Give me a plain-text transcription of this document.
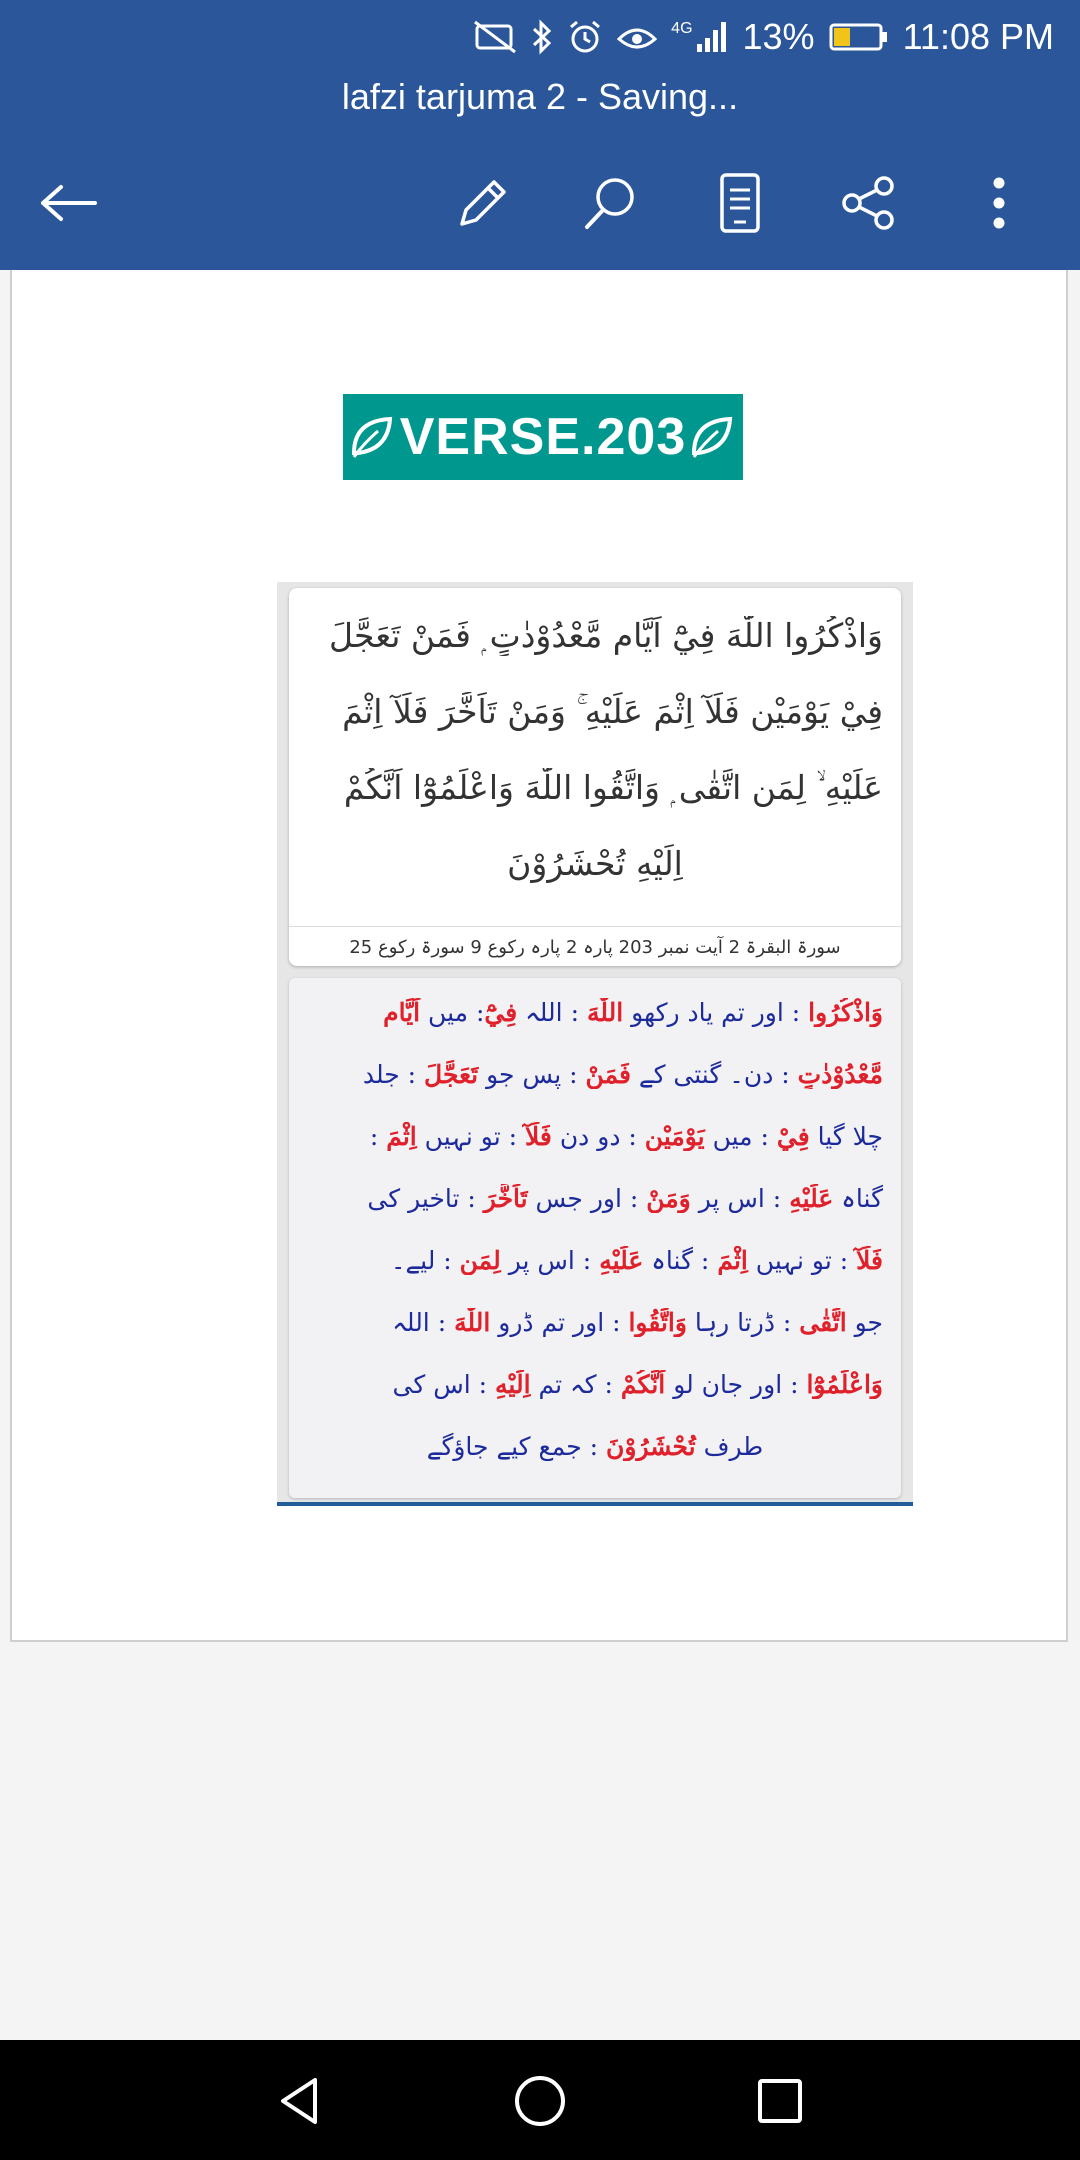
4G 13% 11:08 PM
lafzi tarjuma 2 - Saving...
VERSE.203
وَاذْكُرُوا اللّٰهَ فِيْٓ اَيَّامٍ مَّعْدُوْدٰتٍ ۭ فَمَنْ تَعَجَّلَ
فِيْ يَوْمَيْنِ فَلَآ اِثْمَ عَلَيْهِ ۚ وَمَنْ تَاَخَّرَ فَلَآ اِثْمَ
عَلَيْهِ ۙ لِمَنِ اتَّقٰى ۭ وَاتَّقُوا اللّٰهَ وَاعْلَمُوْٓا اَنَّكُمْ
اِلَيْهِ تُحْشَرُوْنَ
سورۃ البقرۃ 2 آیت نمبر 203 پارہ 2 پارہ رکوع 9 سورۃ رکوع 25
وَاذْكُرُوا : اور تم یاد رکھو اللّٰهَ : اللہ فِيْٓ: میں اَيَّامٍ
مَّعْدُوْدٰتٍ : دن۔ گنتی کے فَمَنْ : پس جو تَعَجَّلَ : جلد
چلا گیا فِيْ : میں يَوْمَيْنِ : دو دن فَلَآ : تو نہیں اِثْمَ :
گناہ عَلَيْهِ : اس پر وَمَنْ : اور جس تَاَخَّرَ : تاخیر کی
فَلَآ : تو نہیں اِثْمَ : گناہ عَلَيْهِ : اس پر لِمَنِ : لیے۔
جو اتَّقٰى : ڈرتا رہا وَاتَّقُوا : اور تم ڈرو اللّٰهَ : اللہ
وَاعْلَمُوْٓا : اور جان لو اَنَّكُمْ : کہ تم اِلَيْهِ : اس کی
طرف تُحْشَرُوْنَ : جمع کیے جاؤگے
